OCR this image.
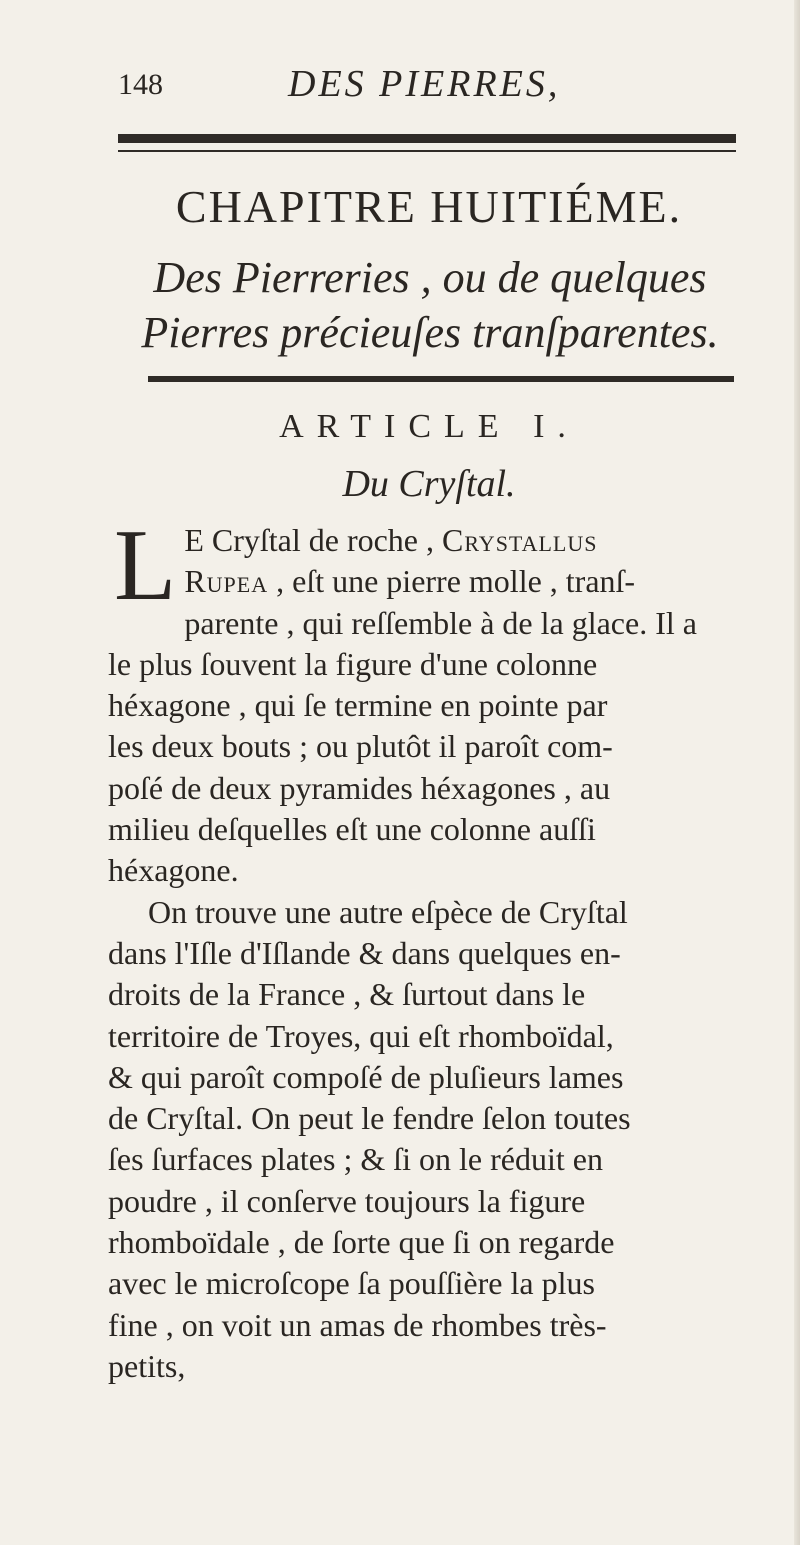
148	DES PIERRES,
CHAPITRE HUITIÉME.
Des Pierreries , ou de quelques
Pierres précieuſes tranſparentes.
ARTICLE I.
Du Cryſtal.

L E Cryſtal de roche , Crystallus
Rupea , eſt une pierre molle , tranſ-
parente , qui reſſemble à de la glace. Il a
le plus ſouvent la figure d'une colonne
héxagone , qui ſe termine en pointe par
les deux bouts ; ou plutôt il paroît com-
poſé de deux pyramides héxagones , au
milieu deſquelles eſt une colonne auſſi
héxagone.

On trouve une autre eſpèce de Cryſtal
dans l'Iſle d'Iſlande & dans quelques en-
droits de la France , & ſurtout dans le
territoire de Troyes, qui eſt rhomboïdal,
& qui paroît compoſé de pluſieurs lames
de Cryſtal. On peut le fendre ſelon toutes
ſes ſurfaces plates ; & ſi on le réduit en
poudre , il conſerve toujours la figure
rhomboïdale , de ſorte que ſi on regarde
avec le microſcope ſa pouſſière la plus
fine , on voit un amas de rhombes très-
petits,
